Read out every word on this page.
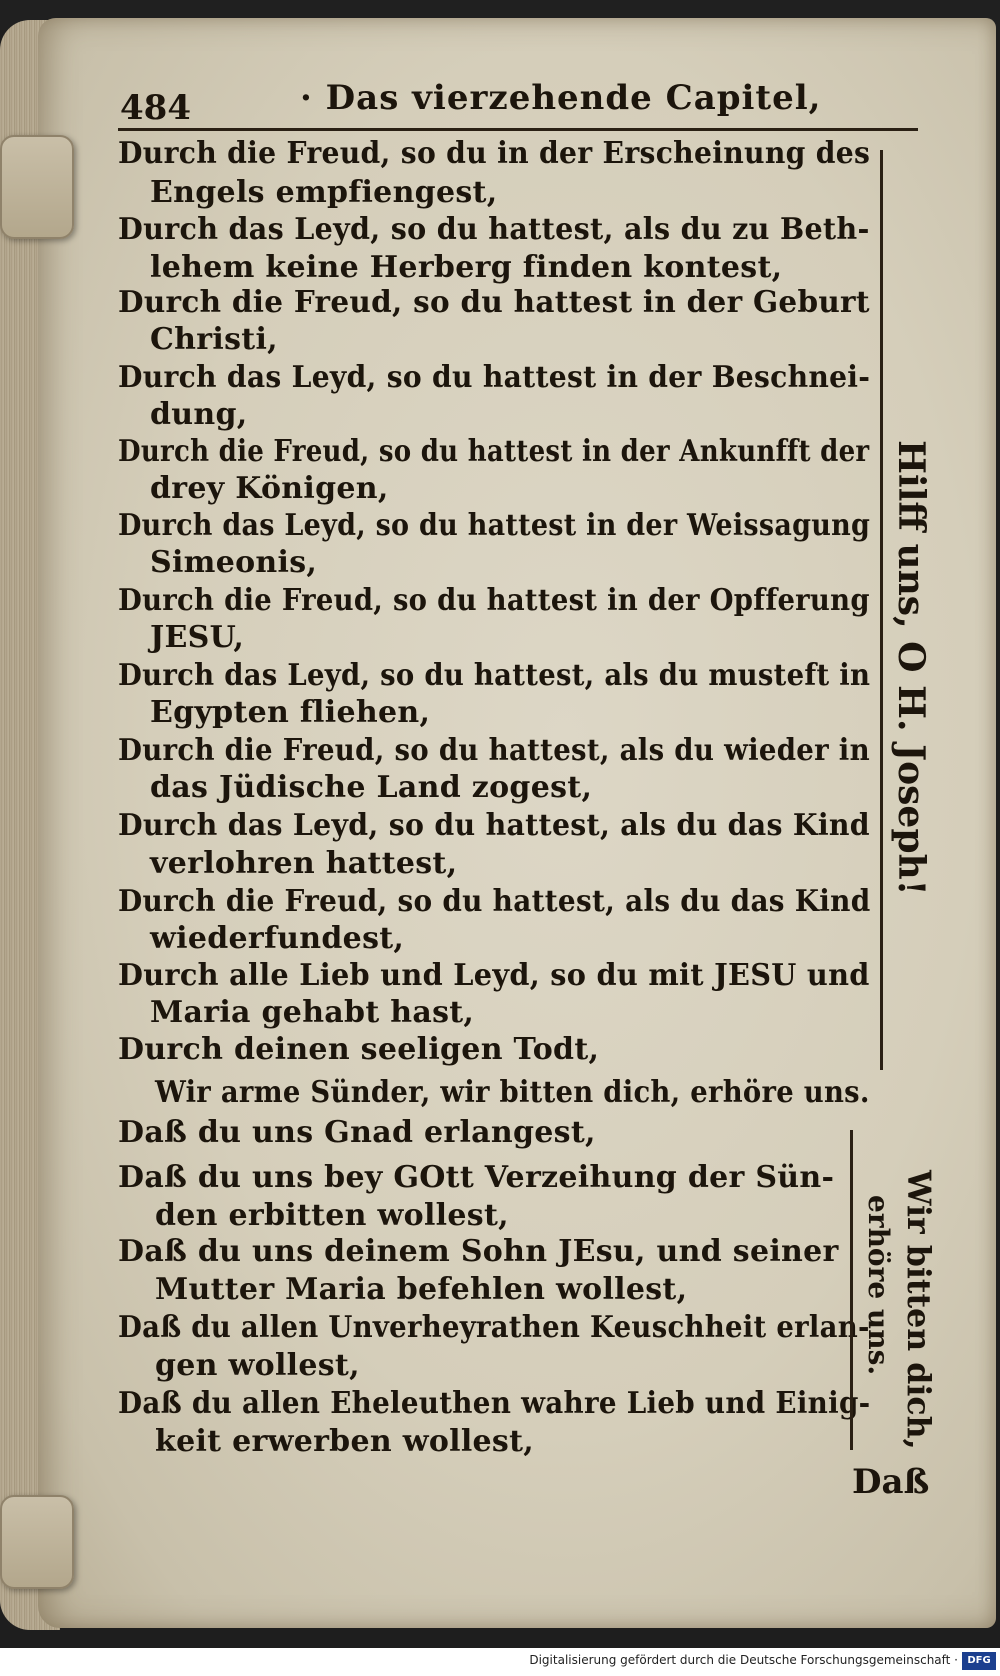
484	· Das vierzehende Capitel,
Durch die Freud, so du in der Erscheinung des
Engels empfiengest,
Durch das Leyd, so du hattest, als du zu Beth-
lehem keine Herberg finden kontest,
Durch die Freud, so du hattest in der Geburt
Christi,
Durch das Leyd, so du hattest in der Beschnei-
dung,
Durch die Freud, so du hattest in der Ankunfft der
drey Königen,
Durch das Leyd, so du hattest in der Weissagung
Simeonis,
Durch die Freud, so du hattest in der Opfferung
JESU,
Durch das Leyd, so du hattest, als du musteft in
Egypten fliehen,
Durch die Freud, so du hattest, als du wieder in
das Jüdische Land zogest,
Durch das Leyd, so du hattest, als du das Kind
verlohren hattest,
Durch die Freud, so du hattest, als du das Kind
wiederfundest,
Durch alle Lieb und Leyd, so du mit JESU und
Maria gehabt hast,
Durch deinen seeligen Todt,
Wir arme Sünder, wir bitten dich, erhöre uns.
Daß du uns Gnad erlangest,
Daß du uns bey GOtt Verzeihung der Sün-
den erbitten wollest,
Daß du uns deinem Sohn JEsu, und seiner
Mutter Maria befehlen wollest,
Daß du allen Unverheyrathen Keuschheit erlan-
gen wollest,
Daß du allen Eheleuthen wahre Lieb und Einig-
keit erwerben wollest,
Hilff uns, O H. Joseph!
Wir bitten dich,
erhöre uns.
Daß
Digitalisierung gefördert durch die Deutsche Forschungsgemeinschaft · DFG
